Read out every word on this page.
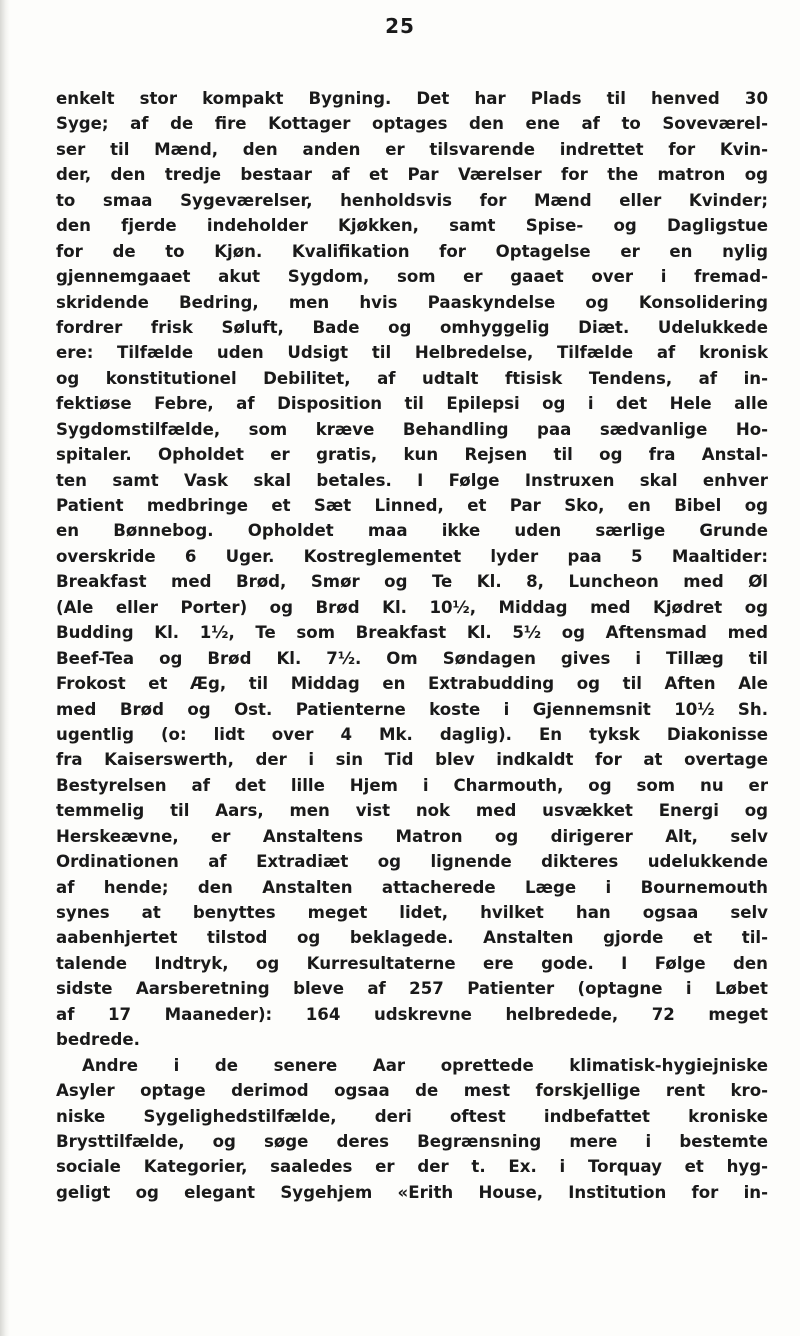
25
enkelt stor kompakt Bygning. Det har Plads til henved 30
Syge; af de fire Kottager optages den ene af to Soveværel-
ser til Mænd, den anden er tilsvarende indrettet for Kvin-
der, den tredje bestaar af et Par Værelser for the matron og
to smaa Sygeværelser, henholdsvis for Mænd eller Kvinder;
den fjerde indeholder Kjøkken, samt Spise- og Dagligstue
for de to Kjøn. Kvalifikation for Optagelse er en nylig
gjennemgaaet akut Sygdom, som er gaaet over i fremad-
skridende Bedring, men hvis Paaskyndelse og Konsolidering
fordrer frisk Søluft, Bade og omhyggelig Diæt. Udelukkede
ere: Tilfælde uden Udsigt til Helbredelse, Tilfælde af kronisk
og konstitutionel Debilitet, af udtalt ftisisk Tendens, af in-
fektiøse Febre, af Disposition til Epilepsi og i det Hele alle
Sygdomstilfælde, som kræve Behandling paa sædvanlige Ho-
spitaler. Opholdet er gratis, kun Rejsen til og fra Anstal-
ten samt Vask skal betales. I Følge Instruxen skal enhver
Patient medbringe et Sæt Linned, et Par Sko, en Bibel og
en Bønnebog. Opholdet maa ikke uden særlige Grunde
overskride 6 Uger. Kostreglementet lyder paa 5 Maaltider:
Breakfast med Brød, Smør og Te Kl. 8, Luncheon med Øl
(Ale eller Porter) og Brød Kl. 10½, Middag med Kjødret og
Budding Kl. 1½, Te som Breakfast Kl. 5½ og Aftensmad med
Beef-Tea og Brød Kl. 7½. Om Søndagen gives i Tillæg til
Frokost et Æg, til Middag en Extrabudding og til Aften Ale
med Brød og Ost. Patienterne koste i Gjennemsnit 10½ Sh.
ugentlig (o: lidt over 4 Mk. daglig). En tyksk Diakonisse
fra Kaiserswerth, der i sin Tid blev indkaldt for at overtage
Bestyrelsen af det lille Hjem i Charmouth, og som nu er
temmelig til Aars, men vist nok med usvækket Energi og
Herskeævne, er Anstaltens Matron og dirigerer Alt, selv
Ordinationen af Extradiæt og lignende dikteres udelukkende
af hende; den Anstalten attacherede Læge i Bournemouth
synes at benyttes meget lidet, hvilket han ogsaa selv
aabenhjertet tilstod og beklagede. Anstalten gjorde et til-
talende Indtryk, og Kurresultaterne ere gode. I Følge den
sidste Aarsberetning bleve af 257 Patienter (optagne i Løbet
af 17 Maaneder): 164 udskrevne helbredede, 72 meget
bedrede.
Andre i de senere Aar oprettede klimatisk-hygiejniske
Asyler optage derimod ogsaa de mest forskjellige rent kro-
niske Sygelighedstilfælde, deri oftest indbefattet kroniske
Brysttilfælde, og søge deres Begrænsning mere i bestemte
sociale Kategorier, saaledes er der t. Ex. i Torquay et hyg-
geligt og elegant Sygehjem «Erith House, Institution for in-
